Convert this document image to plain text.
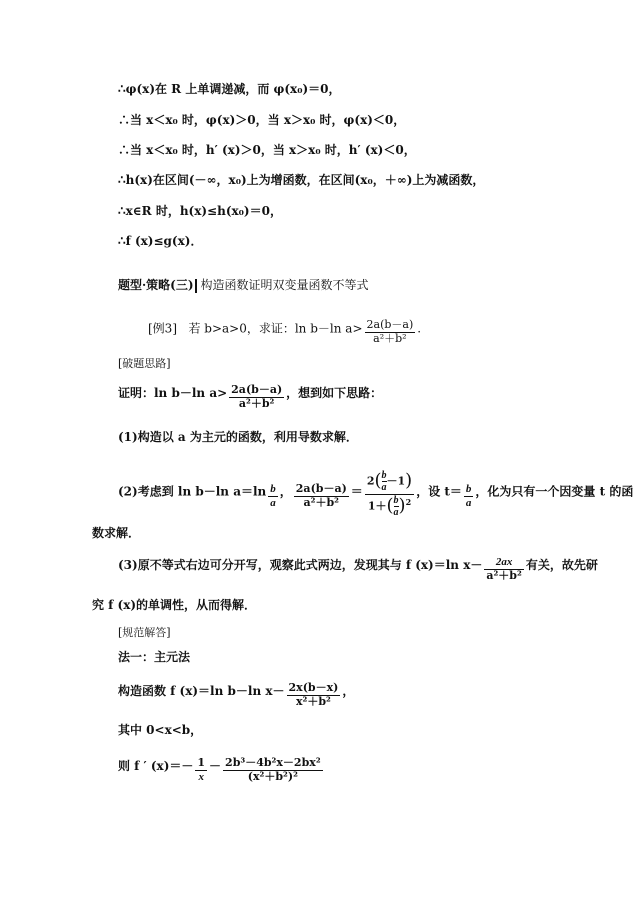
∴φ(x)在 R 上单调递减，而 φ(x₀)＝0，
∴当 x＜x₀ 时，φ(x)＞0，当 x＞x₀ 时，φ(x)＜0，
∴当 x＜x₀ 时，h′ (x)＞0，当 x＞x₀ 时，h′ (x)＜0，
∴h(x)在区间(－∞，x₀)上为增函数，在区间(x₀，＋∞)上为减函数，
∴x∈R 时，h(x)≤h(x₀)＝0，
∴f (x)≤g(x)．
题型·策略(三) 构造函数证明双变量函数不等式
[例3] 若 b>a>0，求证：ln b－ln $a> \frac{2a(b-a)}{\text{a²＋b²}}$ .
[破题思路]
证明：ln b－ln $a> \frac{2a(b-a)}{\text{a²＋b²}}$ ，想到如下思路：
(1)构造以 a 为主元的函数，利用导数求解．
(2)考虑到 ln b－ln $a=\ln \frac{b}{a}$ ， $\frac{2a(b-a)}{\text{a²＋b²}} = \frac{2( \frac{b}{a} -1)}{1+( \frac{b}{a} )^2}$ ，设 $t= \frac{b}{a}$ ，化为只有一个因变量 t 的函
数求解．
(3)原不等式右边可分开写，观察此式两边，发现其与 f (x)＝ln $x- \frac{2ax}{\text{a²＋b²}}$ 有关，故先研
究 f (x)的单调性，从而得解．
[规范解答]
法一：主元法
构造函数 f (x)＝ln b－ln $x- \frac{2x(b-x)}{\text{x²＋b²}}$ ，
其中 0<x<b，
则 f ′ $(x)=- \frac{1}{x} - \frac{\text{2b³－4b²x－2bx²}}{\text{(x²＋b²)²}}$
